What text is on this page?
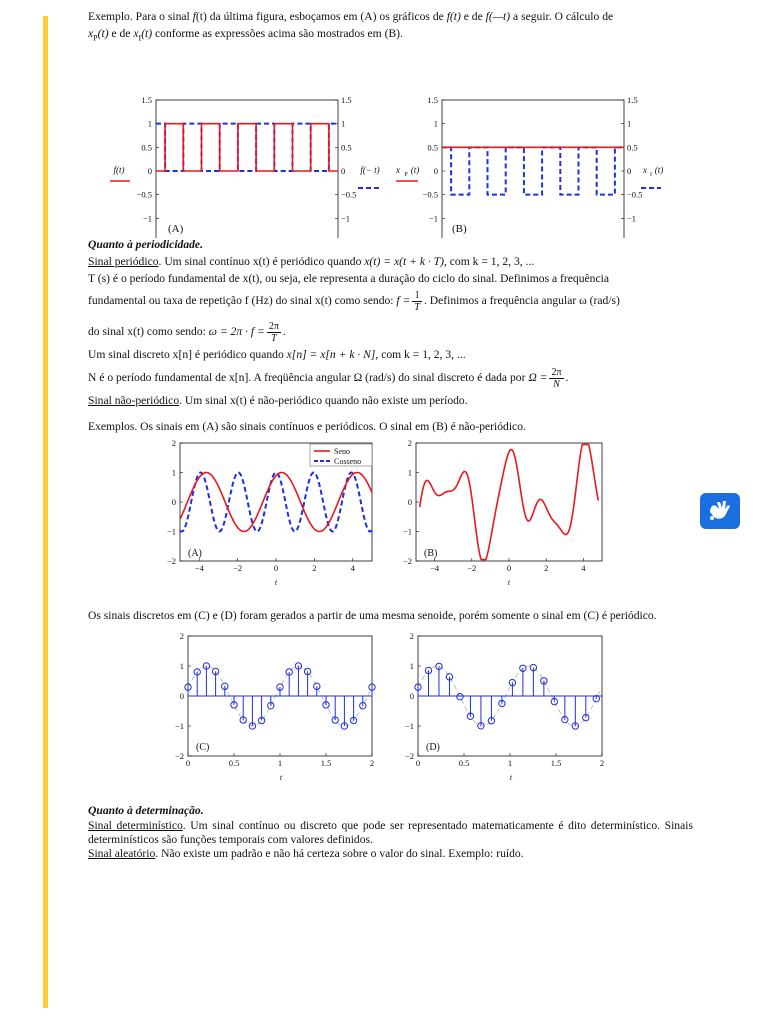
Exemplo. Para o sinal f(t) da última figura, esboçamos em (A) os gráficos de f(t) e de f(—t) a seguir. O cálculo de
$x_P(t)$ e de $x_I(t)$ conforme as expressões acima são mostrados em (B).

1.5	1.5
1	1
0.5	0.5
0	0
−0.5	−0.5
−1	−1
(A)
f(t)	f(− t)
1.5	1.5
1	1
0.5	0.5
0	0
−0.5	−0.5
−1	−1
(B)
x P (t)	x I (t)

Quanto à periodicidade.

Sinal periódico. Um sinal contínuo x(t) é periódico quando x(t) = x(t + k · T), com k = 1, 2, 3, ...

T (s) é o período fundamental de x(t), ou seja, ele representa a duração do ciclo do sinal. Definimos a frequência

fundamental ou taxa de repetição f (Hz) do sinal x(t) como sendo: $f = \frac{1}{T}$ . Definimos a frequência angular ω (rad/s)

do sinal x(t) como sendo: $\omega = 2\pi \cdot f = \frac{2\pi}{T}$ .

Um sinal discreto x[n] é periódico quando x[n] = x[n + k · N], com k = 1, 2, 3, ...

N é o período fundamental de x[n]. A freqüência angular Ω (rad/s) do sinal discreto é dada por $\Omega = \frac{2\pi}{N}$ .

Sinal não-periódico. Um sinal x(t) é não-periódico quando não existe um período.

Exemplos. Os sinais em (A) são sinais contínuos e periódicos. O sinal em (B) é não-periódico.

2
1
0
−1
−2
−4	−2	0	2	4
Seno
Cosseno
(A)
t
2
1
0
−1
−2
−4	−2	0	2	4
(B)
t

Os sinais discretos em (C) e (D) foram gerados a partir de uma mesma senoide, porém somente o sinal em (C) é periódico.

2
1
0
−1
−2
0	0.5	1	1.5	2
(C)
t
2
1
0
−1
−2
0	0.5	1	1.5	2
(D)
t

Quanto à determinação.

Sinal determinístico. Um sinal contínuo ou discreto que pode ser representado matematicamente é dito determinístico. Sinais determinísticos são funções temporais com valores definidos.

Sinal aleatório. Não existe um padrão e não há certeza sobre o valor do sinal. Exemplo: ruído.
